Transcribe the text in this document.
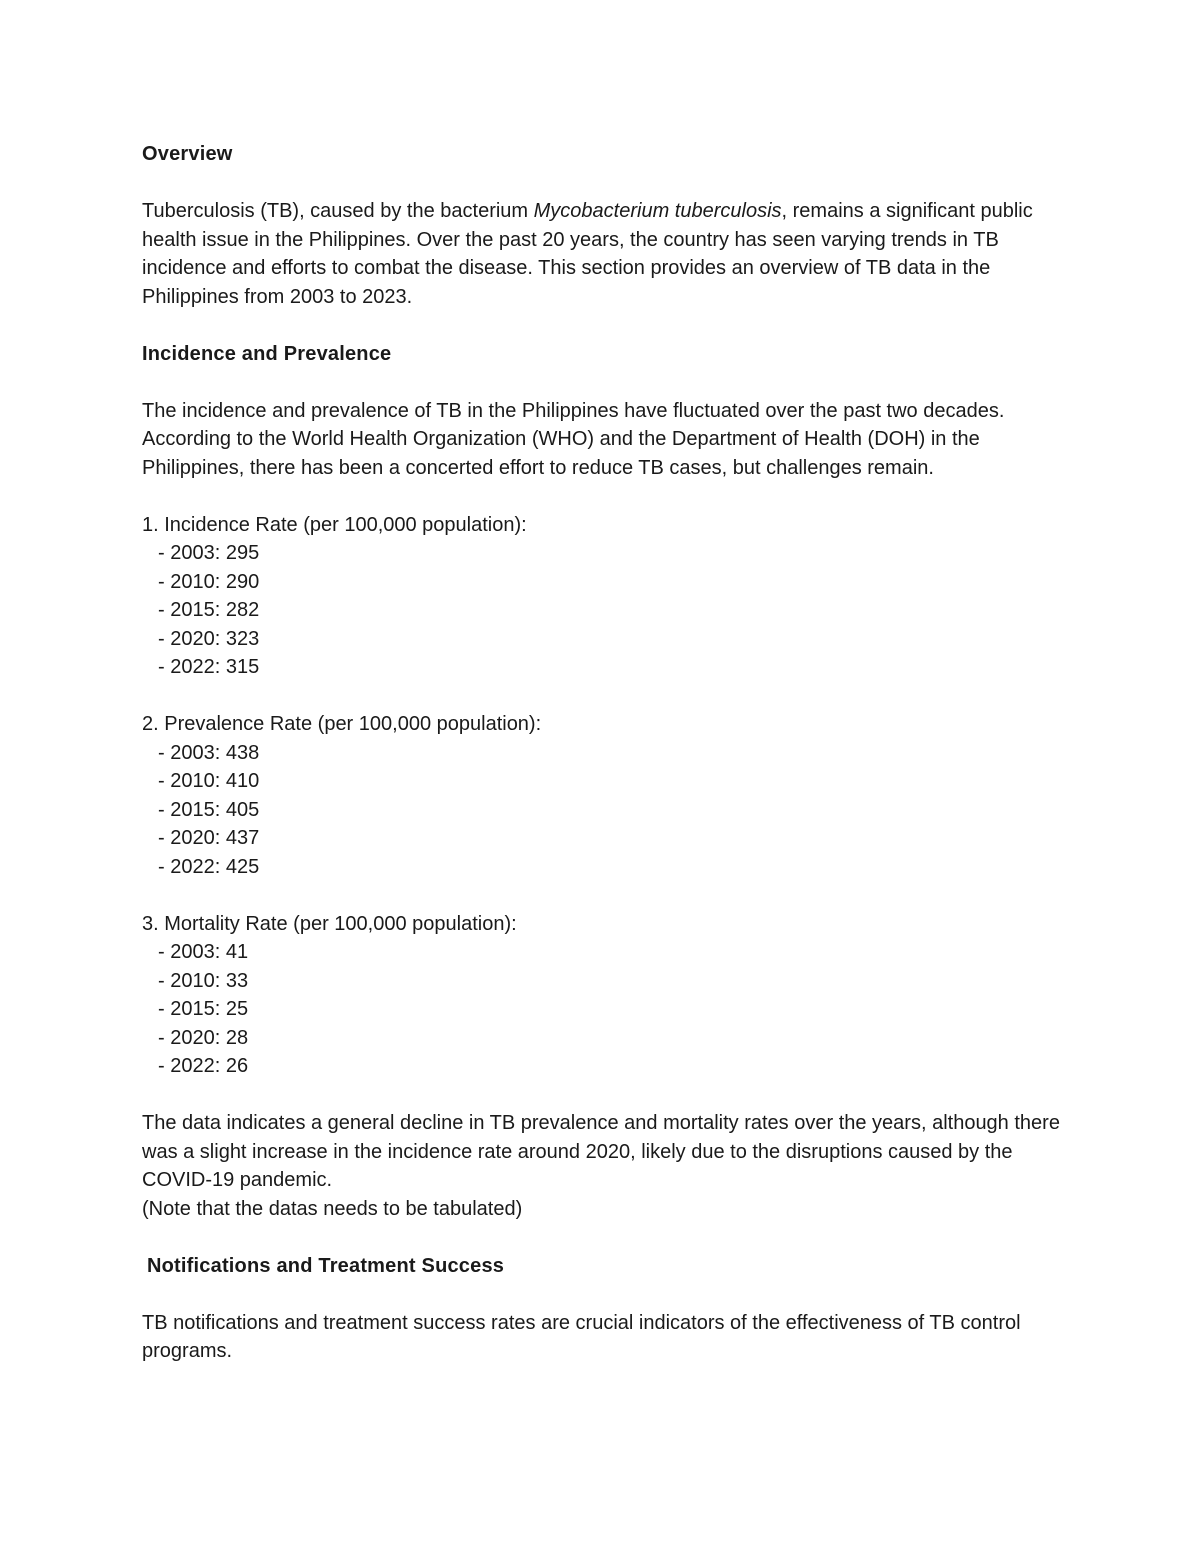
Overview

Tuberculosis (TB), caused by the bacterium Mycobacterium tuberculosis, remains a significant public health issue in the Philippines. Over the past 20 years, the country has seen varying trends in TB incidence and efforts to combat the disease. This section provides an overview of TB data in the Philippines from 2003 to 2023.

Incidence and Prevalence

The incidence and prevalence of TB in the Philippines have fluctuated over the past two decades. According to the World Health Organization (WHO) and the Department of Health (DOH) in the Philippines, there has been a concerted effort to reduce TB cases, but challenges remain.

1. Incidence Rate (per 100,000 population):

- 2003: 295

- 2010: 290

- 2015: 282

- 2020: 323

- 2022: 315

2. Prevalence Rate (per 100,000 population):

- 2003: 438

- 2010: 410

- 2015: 405

- 2020: 437

- 2022: 425

3. Mortality Rate (per 100,000 population):

- 2003: 41

- 2010: 33

- 2015: 25

- 2020: 28

- 2022: 26

The data indicates a general decline in TB prevalence and mortality rates over the years, although there was a slight increase in the incidence rate around 2020, likely due to the disruptions caused by the COVID-19 pandemic.

(Note that the datas needs to be tabulated)

Notifications and Treatment Success

TB notifications and treatment success rates are crucial indicators of the effectiveness of TB control programs.
